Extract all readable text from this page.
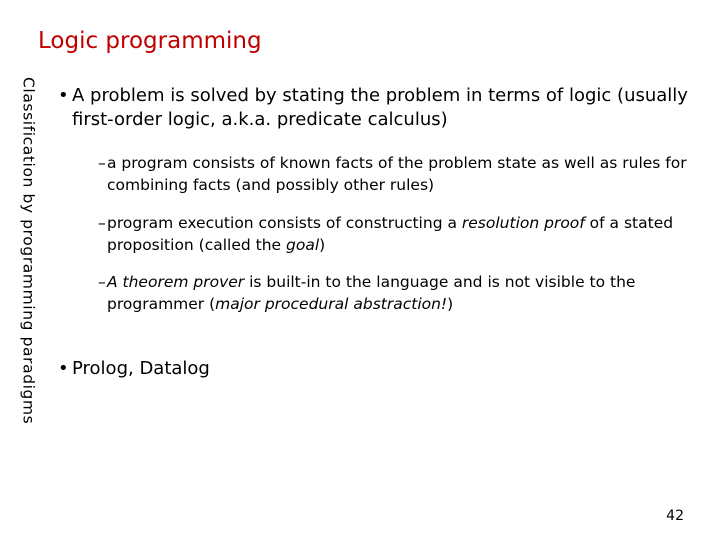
Logic programming
Classification by programming paradigms • A problem is solved by stating the problem in terms of logic (usually first-order logic, a.k.a. predicate calculus)

– a program consists of known facts of the problem state as well as rules for combining facts (and possibly other rules)

– program execution consists of constructing a resolution proof of a stated proposition (called the goal)

– A theorem prover is built-in to the language and is not visible to the programmer (major procedural abstraction!)

• Prolog, Datalog

42
